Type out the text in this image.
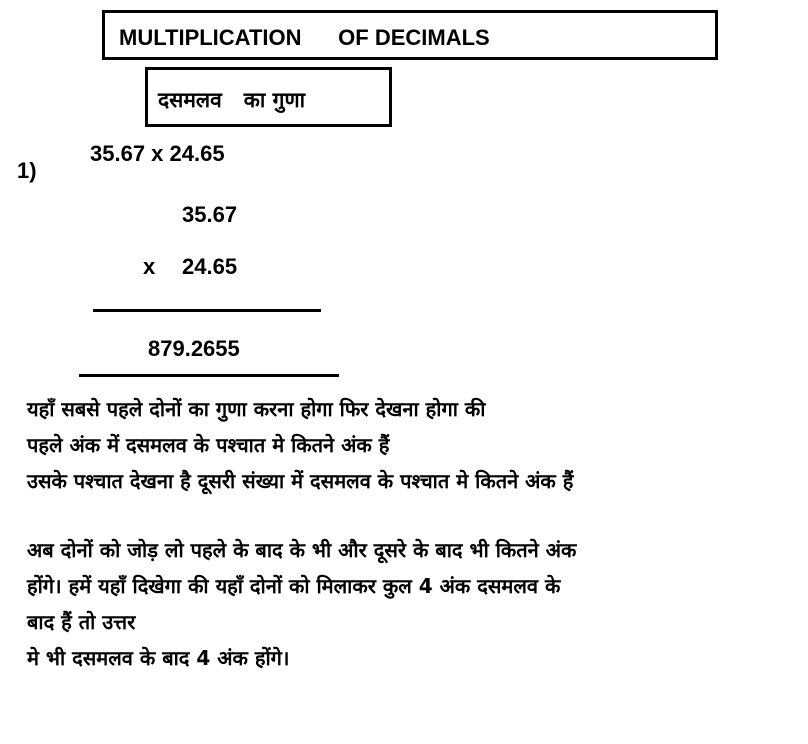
MULTIPLICATION      OF DECIMALS
दसमलव   का गुणा
1)
35.67 x 24.65
35.67
x 24.65
879.2655
यहाँ सबसे पहले दोनों का गुणा करना होगा फिर देखना होगा की
पहले अंक में दसमलव के पश्चात मे कितने अंक हैं
उसके पश्चात देखना है दूसरी संख्या में दसमलव के पश्चात मे कितने अंक हैं
अब दोनों को जोड़ लो पहले के बाद के भी और दूसरे के बाद भी कितने अंक
होंगे। हमें यहाँ दिखेगा की यहाँ दोनों को मिलाकर कुल 4 अंक दसमलव के
बाद हैं तो उत्तर
मे भी दसमलव के बाद 4 अंक होंगे।
